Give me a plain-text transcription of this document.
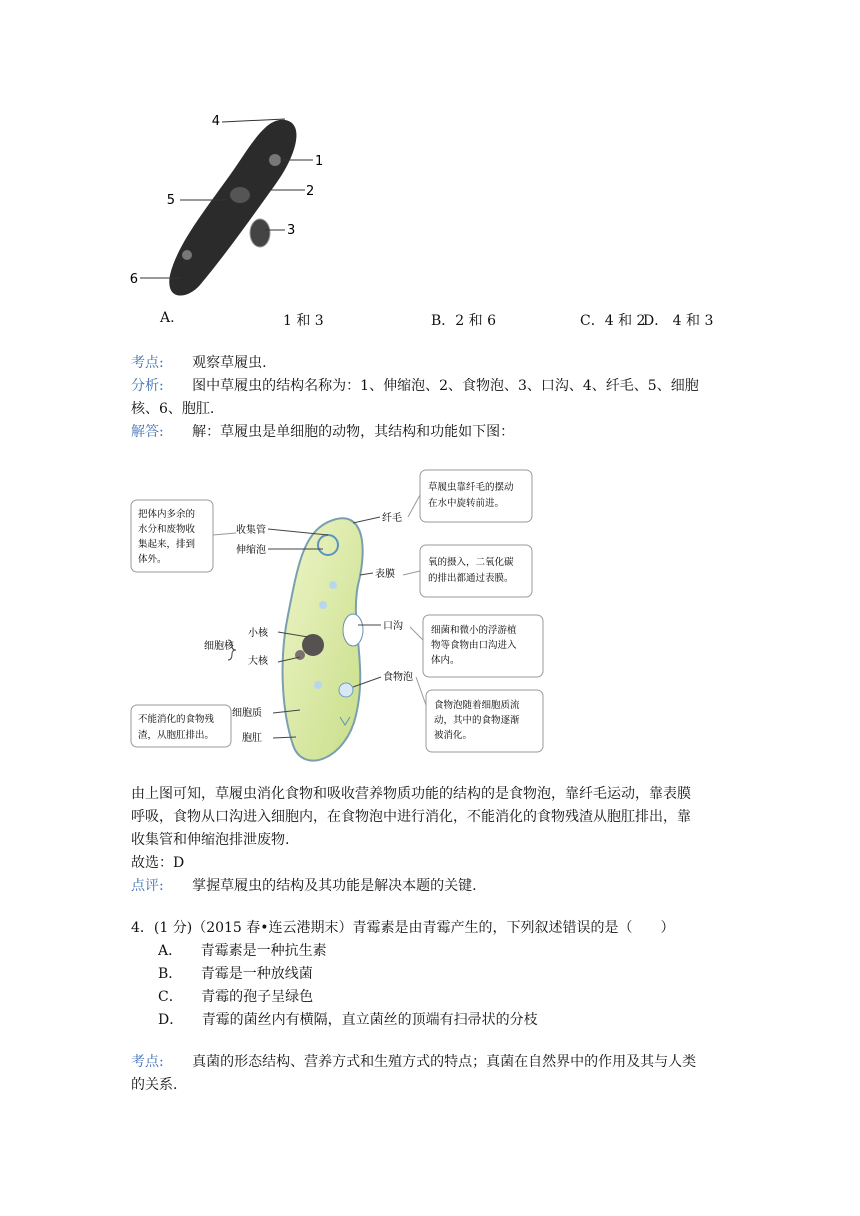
4
1
2
3
5
6
A.	1 和 3	B．2 和 6	C．4 和 2
D． 4 和 3
考点: 观察草履虫.
分析: 图中草履虫的结构名称为：1、伸缩泡、2、食物泡、3、口沟、4、纤毛、5、细胞
核、6、胞肛.
解答: 解：草履虫是单细胞的动物，其结构和功能如下图：
收集管
伸缩泡
小核
细胞核
大核
细胞质
胞肛
纤毛
表膜
口沟
食物泡
把体内多余的
水分和废物收
集起来，排到
体外。
不能消化的食物残
渣，从胞肛排出。
草履虫靠纤毛的摆动
在水中旋转前进。
氧的摄入，二氧化碳
的排出都通过表膜。
细菌和微小的浮游植
物等食物由口沟进入
体内。
食物泡随着细胞质流
动，其中的食物逐渐
被消化。
由上图可知，草履虫消化食物和吸收营养物质功能的结构的是食物泡，靠纤毛运动，靠表膜
呼吸，食物从口沟进入细胞内，在食物泡中进行消化，不能消化的食物残渣从胞肛排出，靠
收集管和伸缩泡排泄废物.
故选：D
点评: 掌握草履虫的结构及其功能是解决本题的关键.
4．(1 分)（2015 春•连云港期末）青霉素是由青霉产生的，下列叙述错误的是（　　）
A． 青霉素是一种抗生素
B． 青霉是一种放线菌
C． 青霉的孢子呈绿色
D． 青霉的菌丝内有横隔，直立菌丝的顶端有扫帚状的分枝
考点: 真菌的形态结构、营养方式和生殖方式的特点；真菌在自然界中的作用及其与人类
的关系.
